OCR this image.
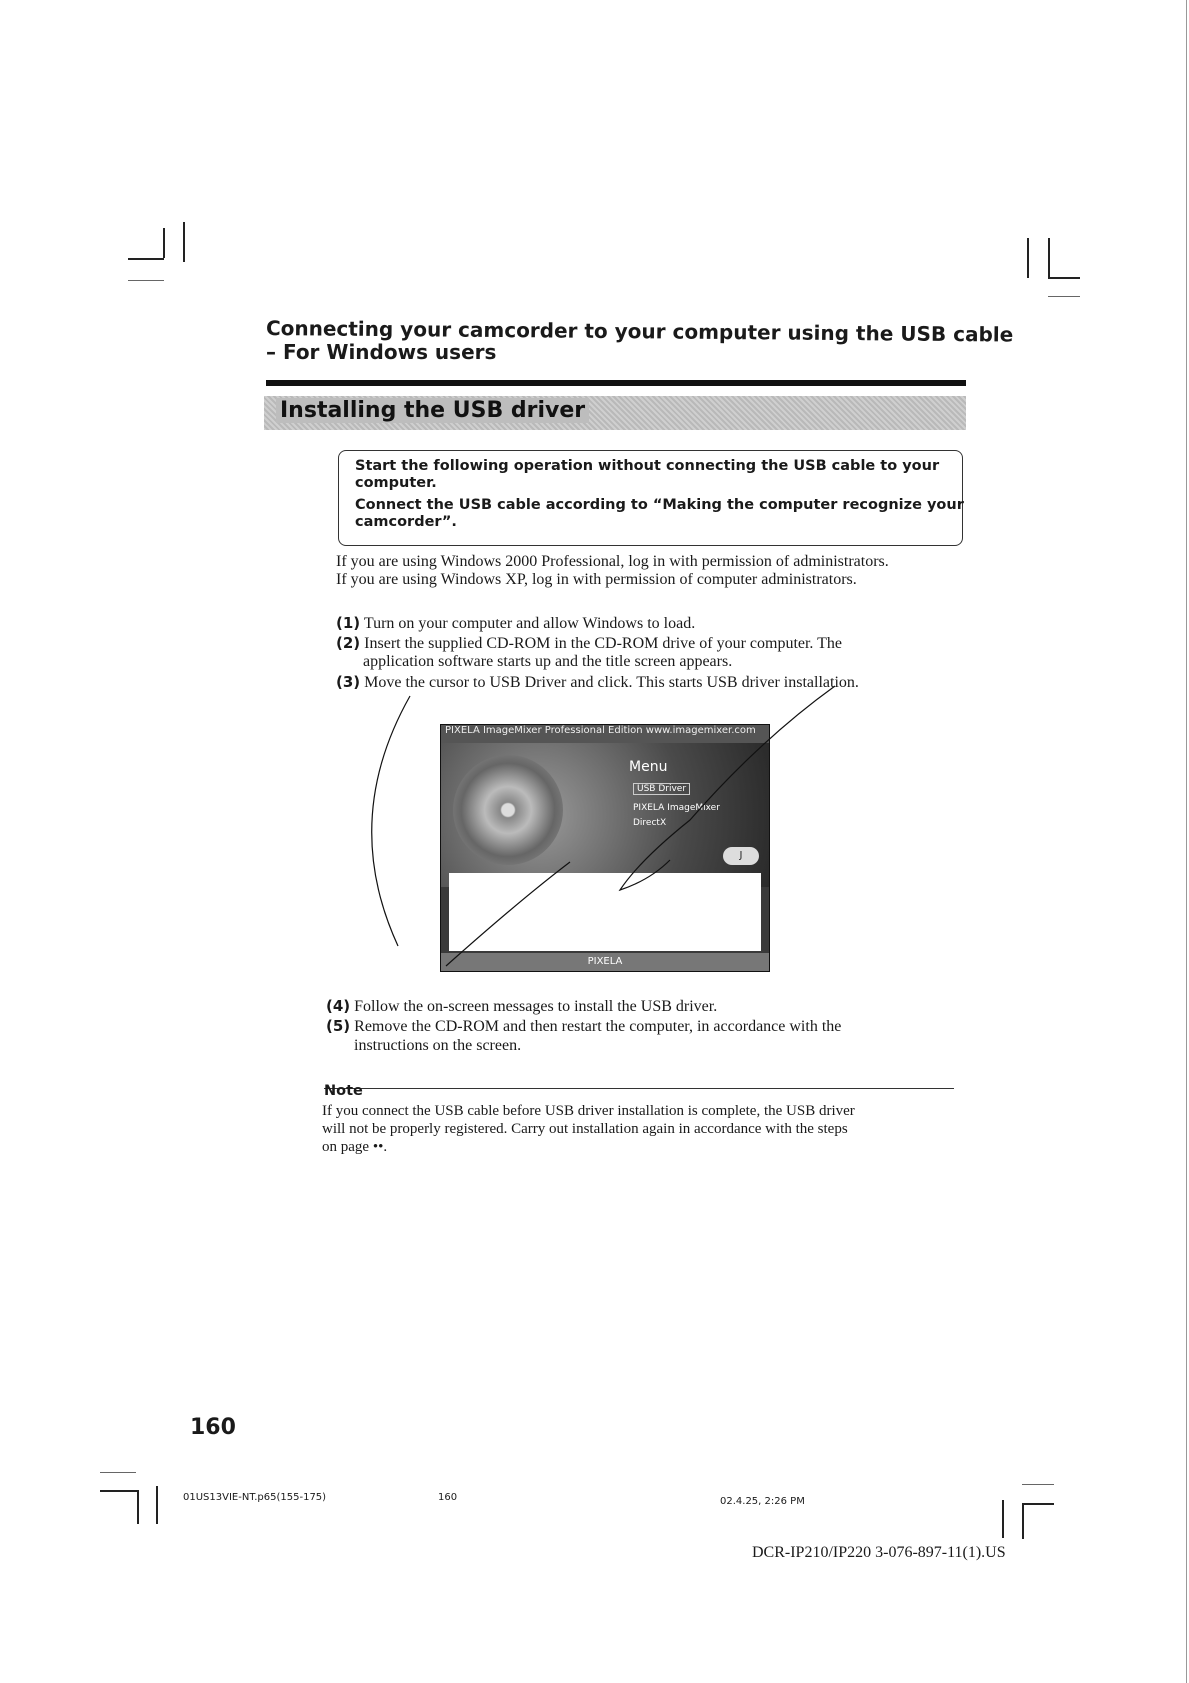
Connecting your camcorder to your computer using the USB cable
– For Windows users
Installing the USB driver
Start the following operation without connecting the USB cable to your
computer.
Connect the USB cable according to “Making the computer recognize your
camcorder”.
If you are using Windows 2000 Professional, log in with permission of administrators.
If you are using Windows XP, log in with permission of computer administrators.
(1) Turn on your computer and allow Windows to load.
(2) Insert the supplied CD-ROM in the CD-ROM drive of your computer. The
application software starts up and the title screen appears.
(3) Move the cursor to USB Driver and click. This starts USB driver installation.
PIXELA ImageMixer Professional Edition www.imagemixer.com
Menu
USB Driver
PIXELA ImageMixer
DirectX
J
PIXELA
(4) Follow the on-screen messages to install the USB driver.
(5) Remove the CD-ROM and then restart the computer, in accordance with the
instructions on the screen.
Note
If you connect the USB cable before USB driver installation is complete, the USB driver
will not be properly registered. Carry out installation again in accordance with the steps
on page ••.
160
01US13VIE-NT.p65(155-175)	160	02.4.25, 2:26 PM
DCR-IP210/IP220 3-076-897-11(1).US
